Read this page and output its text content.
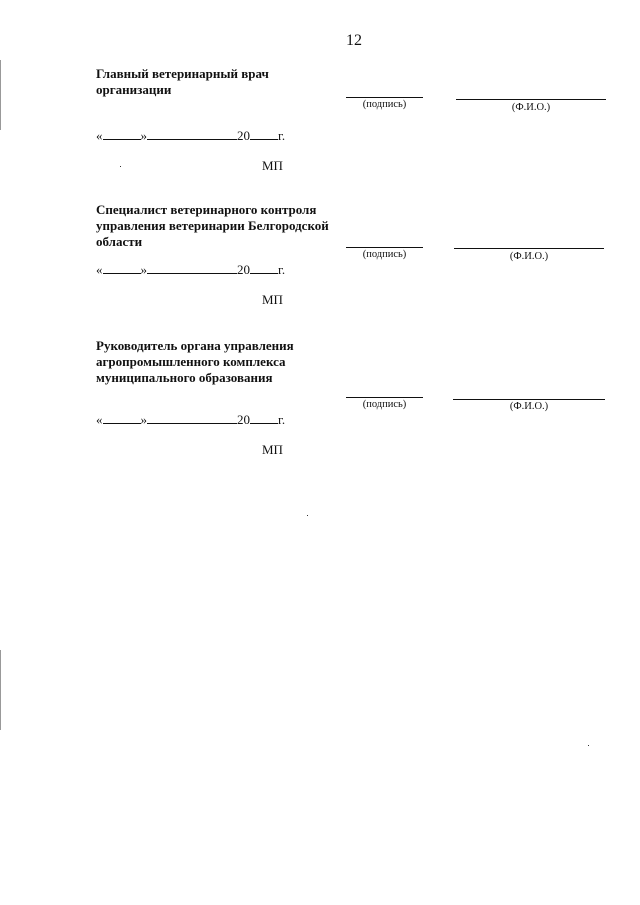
12
Главный ветеринарный врач организации
(подпись)	(Ф.И.О.)
«	»	20 г.
МП
Специалист ветеринарного контроля управления ветеринарии Белгородской области
(подпись)	(Ф.И.О.)
«	»	20 г.
МП
Руководитель органа управления агропромышленного комплекса муниципального образования
(подпись)	(Ф.И.О.)
«	»	20 г.
МП
